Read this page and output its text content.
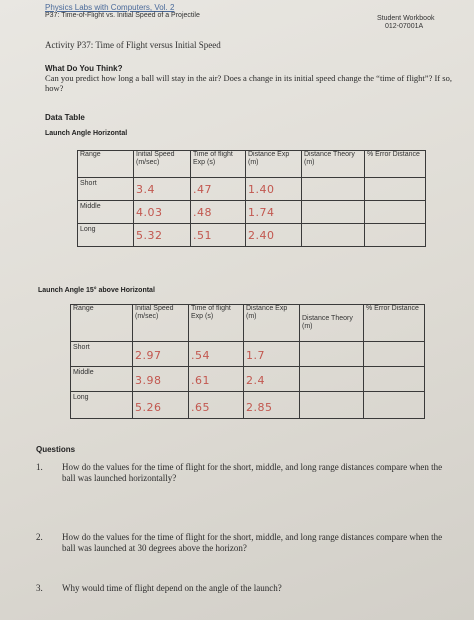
Physics Labs with Computers, Vol. 2
P37: Time-of-Flight vs. Initial Speed of a Projectile	Student Workbook
012-07001A
Activity P37: Time of Flight versus Initial Speed
What Do You Think?
Can you predict how long a ball will stay in the air? Does a change in its initial speed change the “time of flight”? If so, how?
Data Table
Launch Angle Horizontal
Range	Initial Speed (m/sec)	Time of flight Exp (s)	Distance Exp (m)	Distance Theory (m)	% Error Distance
Short	3.4	.47	1.40		
Middle	4.03	.48	1.74		
Long	5.32	.51	2.40		
Launch Angle 15° above Horizontal
Range	Initial Speed (m/sec)	Time of flight Exp (s)	Distance Exp (m)	Distance Theory (m)	% Error Distance
Short	2.97	.54	1.7		
Middle	3.98	.61	2.4		
Long	5.26	.65	2.85		
Questions
1. How do the values for the time of flight for the short, middle, and long range distances compare when the ball was launched horizontally?
2. How do the values for the time of flight for the short, middle, and long range distances compare when the ball was launched at 30 degrees above the horizon?
3. Why would time of flight depend on the angle of the launch?
